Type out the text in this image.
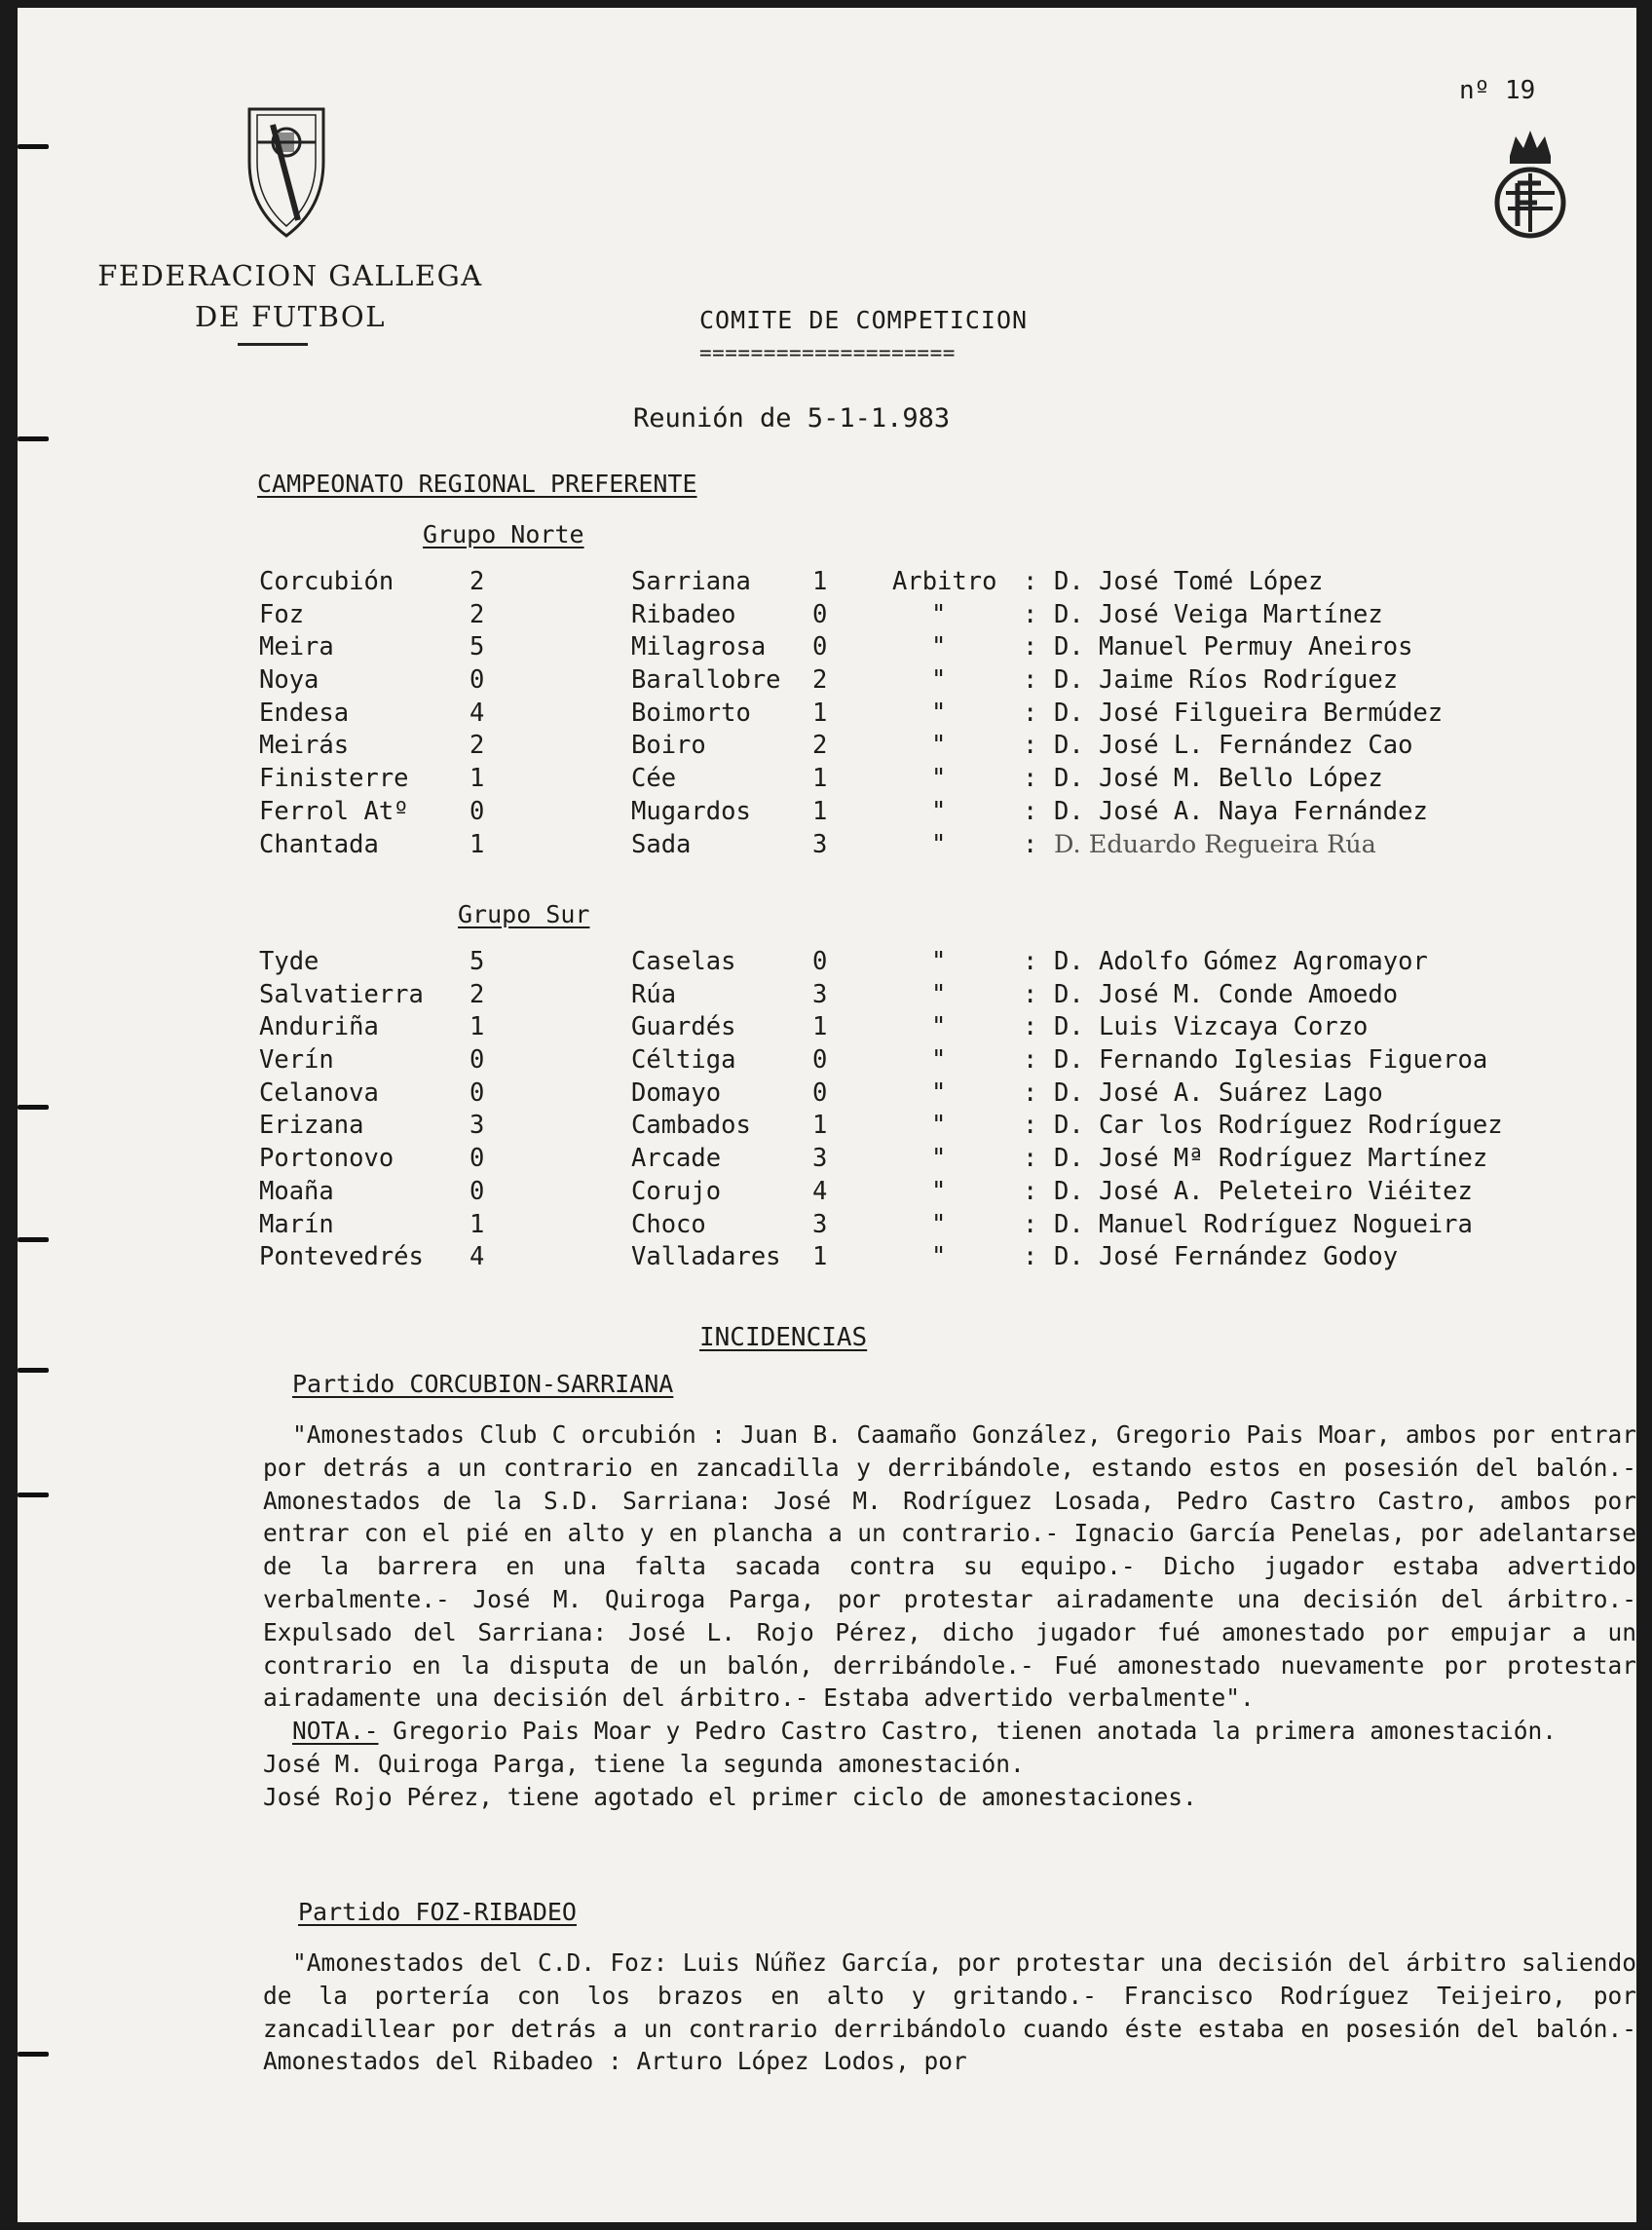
FEDERACION GALLEGA
DE FUTBOL
nº 19
COMITE DE COMPETICION
====================
Reunión de 5-1-1.983
CAMPEONATO REGIONAL PREFERENTE
Grupo Norte
Corcubión	2	Sarriana 1	Arbitro : D. José Tomé López
Foz	2	Ribadeo	0	"	: D. José Veiga Martínez
Meira	5	Milagrosa 0	"	: D. Manuel Permuy Aneiros
Noya	0	Barallobre 2	"	: D. Jaime Ríos Rodríguez
Endesa	4	Boimorto 1	"	: D. José Filgueira Bermúdez
Meirás	2	Boiro	2	"	: D. José L. Fernández Cao
Finisterre 1	Cée	1	"	: D. José M. Bello López
Ferrol Atº 0	Mugardos 1	"	: D. José A. Naya Fernández
Chantada	1	Sada	3	"	: D. Eduardo Regueira Rúa
Grupo Sur
Tyde	5	Caselas	0	"	: D. Adolfo Gómez Agromayor
Salvatierra 2	Rúa	3	"	: D. José M. Conde Amoedo
Anduriña	1	Guardés	1	"	: D. Luis Vizcaya Corzo
Verín	0	Céltiga	0	"	: D. Fernando Iglesias Figueroa
Celanova	0	Domayo	0	"	: D. José A. Suárez Lago
Erizana	3	Cambados 1	"	: D. Car los Rodríguez Rodríguez
Portonovo	0	Arcade	3	"	: D. José Mª Rodríguez Martínez
Moaña	0	Corujo	4	"	: D. José A. Peleteiro Viéitez
Marín	1	Choco	3	"	: D. Manuel Rodríguez Nogueira
Pontevedrés 4	Valladares 1	"	: D. José Fernández Godoy
INCIDENCIAS
Partido CORCUBION-SARRIANA

"Amonestados Club C orcubión : Juan B. Caamaño González, Gregorio Pais Moar, ambos por entrar por detrás a un contrario en zancadilla y derribándole, estando estos en posesión del balón.- Amonestados de la S.D. Sarriana: José M. Rodríguez Losada, Pedro Castro Castro, ambos por entrar con el pié en alto y en plancha a un contrario.- Ignacio García Penelas, por adelantarse de la barrera en una falta sacada contra su equipo.- Dicho jugador estaba advertido verbalmente.- José M. Quiroga Parga, por protestar airadamente una decisión del árbitro.- Expulsado del Sarriana: José L. Rojo Pérez, dicho jugador fué amonestado por empujar a un contrario en la disputa de un balón, derribándole.- Fué amonestado nuevamente por protestar airadamente una decisión del árbitro.- Estaba advertido verbalmente".

NOTA.- Gregorio Pais Moar y Pedro Castro Castro, tienen anotada la primera amonestación.

José M. Quiroga Parga, tiene la segunda amonestación.

José Rojo Pérez, tiene agotado el primer ciclo de amonestaciones.

Partido FOZ-RIBADEO

"Amonestados del C.D. Foz: Luis Núñez García, por protestar una decisión del árbitro saliendo de la portería con los brazos en alto y gritando.- Francisco Rodríguez Teijeiro, por zancadillear por detrás a un contrario derribándolo cuando éste estaba en posesión del balón.- Amonestados del Ribadeo : Arturo López Lodos, por
